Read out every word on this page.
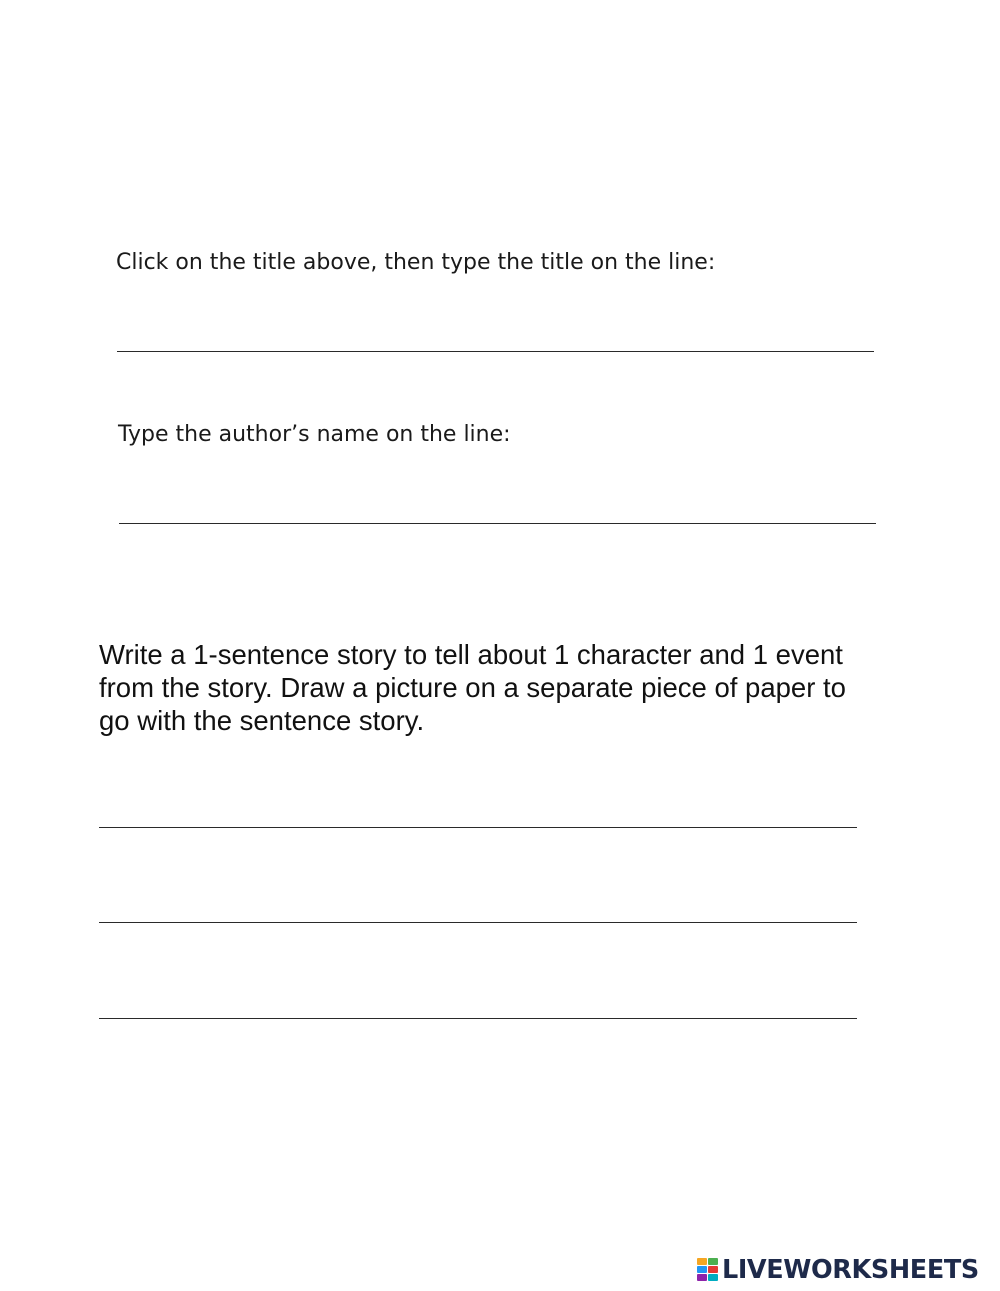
Click on the title above, then type the title on the line:
Type the author’s name on the line:
Write a 1-sentence story to tell about 1 character and 1 event
from the story. Draw a picture on a separate piece of paper to
go with the sentence story.
LIVEWORKSHEETS
